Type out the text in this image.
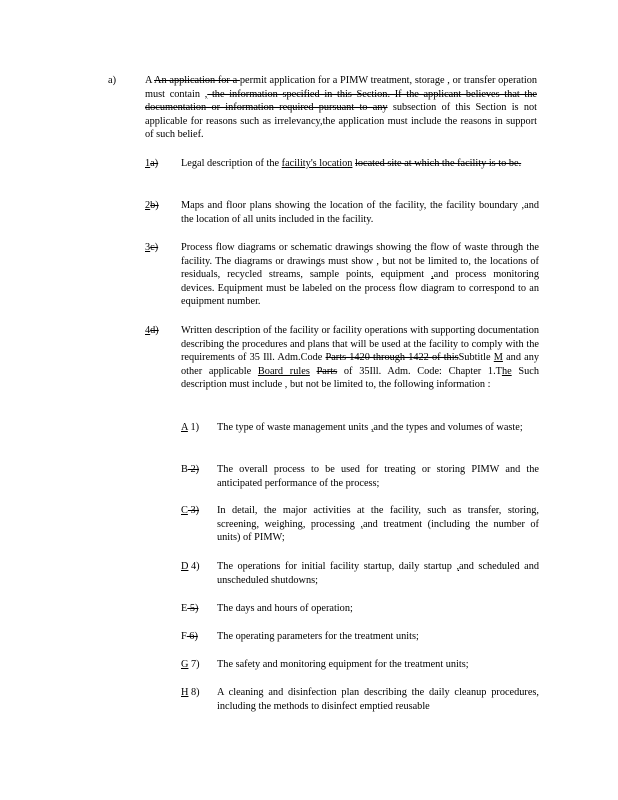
a)	A An application for a permit application for a PIMW treatment, storage , or transfer operation must contain , the information specified in this Section. If the applicant believes that the documentation or information required pursuant to any subsection of this Section is not applicable for reasons such as irrelevancy,the application must include the reasons in support of such belief.
1a)	Legal description of the facility's location located site at which the facility is to be.
2b)	Maps and floor plans showing the location of the facility, the facility boundary ,and the location of all units included in the facility.
3c)	Process flow diagrams or schematic drawings showing the flow of waste through the facility. The diagrams or drawings must show , but not be limited to, the locations of residuals, recycled streams, sample points, equipment ,and process monitoring devices. Equipment must be labeled on the process flow diagram to correspond to an equipment number.
4d)	Written description of the facility or facility operations with supporting documentation describing the procedures and plans that will be used at the facility to comply with the requirements of 35 Ill. Adm.Code Parts 1420 through 1422 of thisSubtitle M and any other applicable Board rules Parts of 35Ill. Adm. Code: Chapter 1.The Such description must include , but not be limited to, the following information :
A 1)	The type of waste management units ,and the types and volumes of waste;
B 2)	The overall process to be used for treating or storing PIMW and the anticipated performance of the process;
C 3)	In detail, the major activities at the facility, such as transfer, storing, screening, weighing, processing ,and treatment (including the number of units) of PIMW;
D 4)	The operations for initial facility startup, daily startup ,and scheduled and unscheduled shutdowns;
E 5)	The days and hours of operation;
F 6)	The operating parameters for the treatment units;
G 7)	The safety and monitoring equipment for the treatment units;
H 8)	A cleaning and disinfection plan describing the daily cleanup procedures, including the methods to disinfect emptied reusable
